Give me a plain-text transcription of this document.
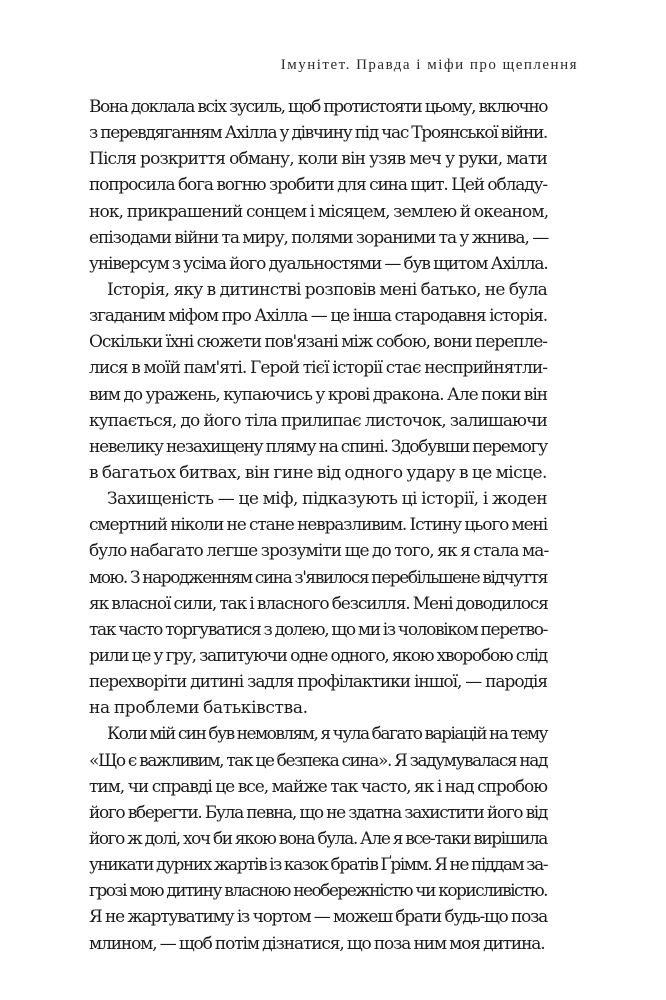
Імунітет. Правда і міфи про щеплення
Вона доклала всіх зусиль, щоб протистояти цьому, включно
з перевдяганням Ахілла у дівчину під час Троянської війни.
Після розкриття обману, коли він узяв меч у руки, мати
попросила бога вогню зробити для сина щит. Цей обладу-
нок, прикрашений сонцем і місяцем, землею й океаном,
епізодами війни та миру, полями зораними та у жнива, —
універсум з усіма його дуальностями — був щитом Ахілла.
Історія, яку в дитинстві розповів мені батько, не була
згаданим міфом про Ахілла — це інша стародавня історія.
Оскільки їхні сюжети пов'язані між собою, вони перепле-
лися в моїй пам'яті. Герой тієї історії стає несприйнятли-
вим до уражень, купаючись у крові дракона. Але поки він
купається, до його тіла прилипає листочок, залишаючи
невелику незахищену пляму на спині. Здобувши перемогу
в багатьох битвах, він гине від одного удару в це місце.
Захищеність — це міф, підказують ці історії, і жоден
смертний ніколи не стане невразливим. Істину цього мені
було набагато легше зрозуміти ще до того, як я стала ма-
мою. З народженням сина з'явилося перебільшене відчуття
як власної сили, так і власного безсилля. Мені доводилося
так часто торгуватися з долею, що ми із чоловіком перетво-
рили це у гру, запитуючи одне одного, якою хворобою слід
перехворіти дитині задля профілактики іншої, — пародія
на проблеми батьківства.
Коли мій син був немовлям, я чула багато варіацій на тему
«Що є важливим, так це безпека сина». Я задумувалася над
тим, чи справді це все, майже так часто, як і над спробою
його вберегти. Була певна, що не здатна захистити його від
його ж долі, хоч би якою вона була. Але я все-таки вирішила
уникати дурних жартів із казок братів Ґрімм. Я не піддам за-
грозі мою дитину власною необережністю чи корисливістю.
Я не жартуватиму із чортом — можеш брати будь-що поза
млином, — щоб потім дізнатися, що поза ним моя дитина.
